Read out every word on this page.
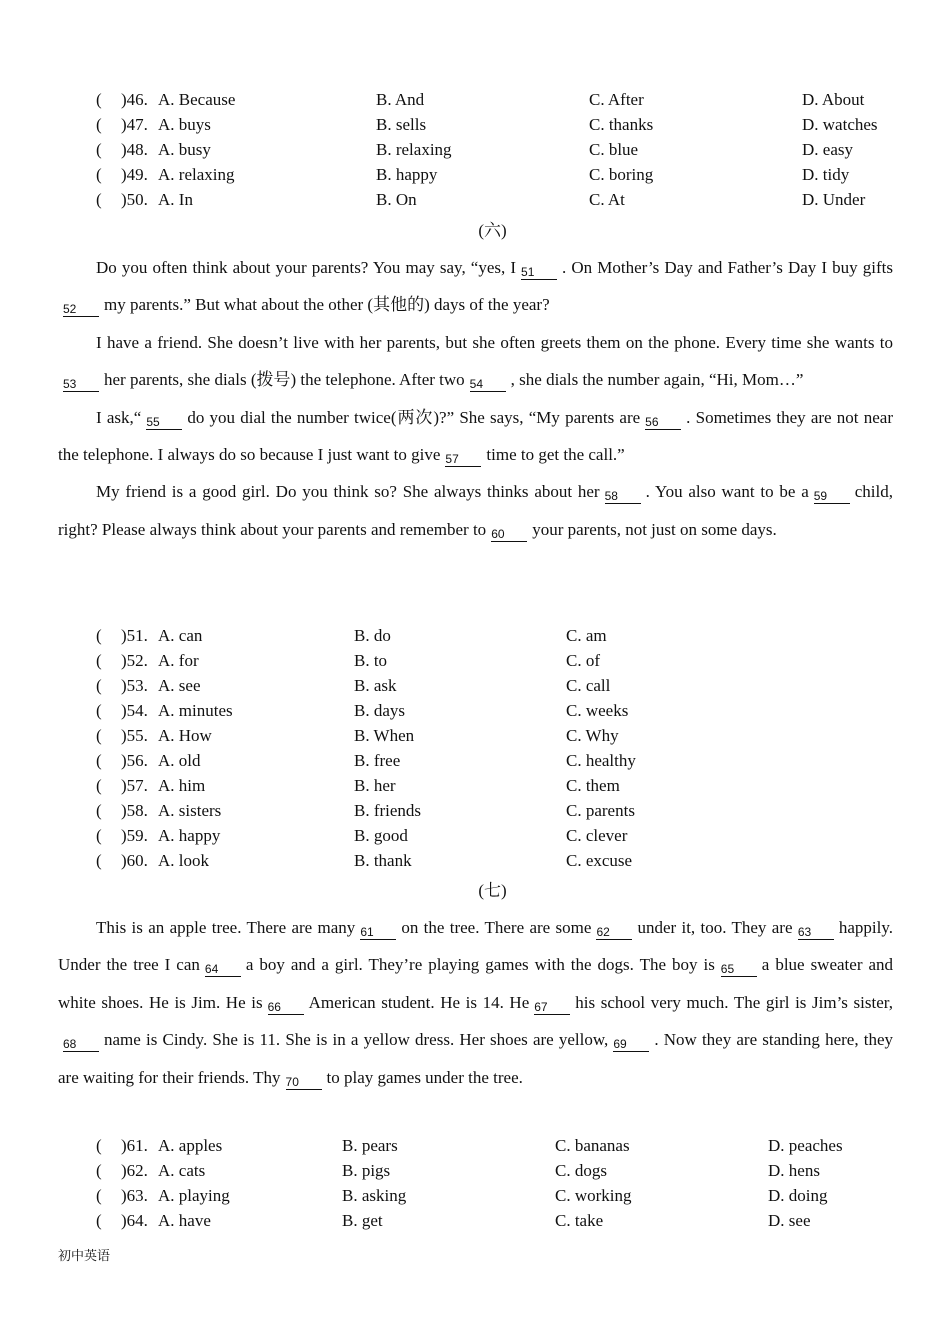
( )46. A. Because	B. And	C. After	D. About
( )47. A. buys	B. sells	C. thanks	D. watches
( )48. A. busy	B. relaxing	C. blue	D. easy
( )49. A. relaxing	B. happy	C. boring	D. tidy
( )50. A. In	B. On	C. At	D. Under
(六)
Do you often think about your parents? You may say, “yes, I 51 . On Mother’s Day and Father’s Day I buy gifts52 my parents.” But what about the other (其他的) days of the year?
I have a friend. She doesn’t live with her parents, but she often greets them on the phone. Every time she wants to53 her parents, she dials (拨号) the telephone. After two 54 , she dials the number again, “Hi, Mom…”
I ask,“ 55 do you dial the number twice(两次)?” She says, “My parents are 56 . Sometimes they are not near the telephone. I always do so because I just want to give 57 time to get the call.”
My friend is a good girl. Do you think so? She always thinks about her 58 . You also want to be a 59 child, right? Please always think about your parents and remember to 60 your parents, not just on some days.
( )51. A. can	B. do	C. am
( )52. A. for	B. to	C. of
( )53. A. see	B. ask	C. call
( )54. A. minutes	B. days	C. weeks
( )55. A. How	B. When	C. Why
( )56. A. old	B. free	C. healthy
( )57. A. him	B. her	C. them
( )58. A. sisters	B. friends	C. parents
( )59. A. happy	B. good	C. clever
( )60. A. look	B. thank	C. excuse
(七)
This is an apple tree. There are many 61 on the tree. There are some 62 under it, too. They are 63 happily. Under the tree I can 64 a boy and a girl. They’re playing games with the dogs. The boy is 65 a blue sweater and white shoes. He is Jim. He is 66 American student. He is 14. He 67 his school very much. The girl is Jim’s sister,68 name is Cindy. She is 11. She is in a yellow dress. Her shoes are yellow, 69 . Now they are standing here, they are waiting for their friends. Thy 70 to play games under the tree.
( )61. A. apples	B. pears	C. bananas	D. peaches
( )62. A. cats	B. pigs	C. dogs	D. hens
( )63. A. playing	B. asking	C. working	D. doing
( )64. A. have	B. get	C. take	D. see
初中英语
